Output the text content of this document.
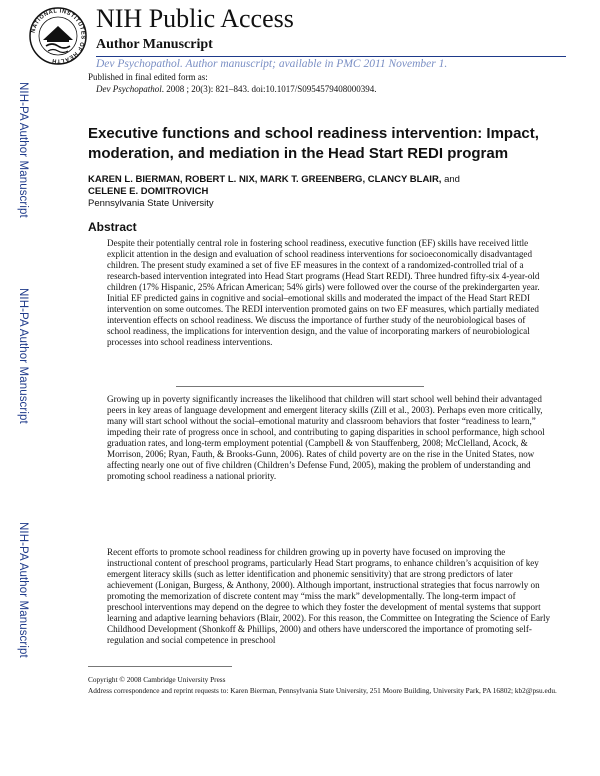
NATIONAL INSTITUTES OF HEALTH
NIH Public Access
Author Manuscript
Dev Psychopathol. Author manuscript; available in PMC 2011 November 1.
NIH-PA Author Manuscript
NIH-PA Author Manuscript
NIH-PA Author Manuscript
Published in final edited form as:
Dev Psychopathol. 2008 ; 20(3): 821–843. doi:10.1017/S0954579408000394.
Executive functions and school readiness intervention: Impact, moderation, and mediation in the Head Start REDI program
KAREN L. BIERMAN, ROBERT L. NIX, MARK T. GREENBERG, CLANCY BLAIR, and
CELENE E. DOMITROVICH
Pennsylvania State University
Abstract
Despite their potentially central role in fostering school readiness, executive function (EF) skills have received little explicit attention in the design and evaluation of school readiness interventions for socioeconomically disadvantaged children. The present study examined a set of five EF measures in the context of a randomized-controlled trial of a research-based intervention integrated into Head Start programs (Head Start REDI). Three hundred fifty-six 4-year-old children (17% Hispanic, 25% African American; 54% girls) were followed over the course of the prekindergarten year. Initial EF predicted gains in cognitive and social–emotional skills and moderated the impact of the Head Start REDI intervention on some outcomes. The REDI intervention promoted gains on two EF measures, which partially mediated intervention effects on school readiness. We discuss the importance of further study of the neurobiological bases of school readiness, the implications for intervention design, and the value of incorporating markers of neurobiological processes into school readiness interventions.
Growing up in poverty significantly increases the likelihood that children will start school well behind their advantaged peers in key areas of language development and emergent literacy skills (Zill et al., 2003). Perhaps even more critically, many will start school without the social–emotional maturity and classroom behaviors that foster “readiness to learn,” impeding their rate of progress once in school, and contributing to gaping disparities in school performance, high school graduation rates, and long-term employment potential (Campbell & von Stauffenberg, 2008; McClelland, Acock, & Morrison, 2006; Ryan, Fauth, & Brooks-Gunn, 2006). Rates of child poverty are on the rise in the United States, now affecting nearly one out of five children (Children’s Defense Fund, 2005), making the problem of understanding and promoting school readiness a national priority.
Recent efforts to promote school readiness for children growing up in poverty have focused on improving the instructional content of preschool programs, particularly Head Start programs, to enhance children’s acquisition of key emergent literacy skills (such as letter identification and phonemic sensitivity) that are strong predictors of later achievement (Lonigan, Burgess, & Anthony, 2000). Although important, instructional strategies that focus narrowly on promoting the memorization of discrete content may “miss the mark” developmentally. The long-term impact of preschool interventions may depend on the degree to which they foster the development of mental systems that support learning and adaptive learning behaviors (Blair, 2002). For this reason, the Committee on Integrating the Science of Early Childhood Development (Shonkoff & Phillips, 2000) and others have underscored the importance of promoting self-regulation and social competence in preschool
Copyright © 2008 Cambridge University Press
Address correspondence and reprint requests to: Karen Bierman, Pennsylvania State University, 251 Moore Building, University Park, PA 16802; kb2@psu.edu.
